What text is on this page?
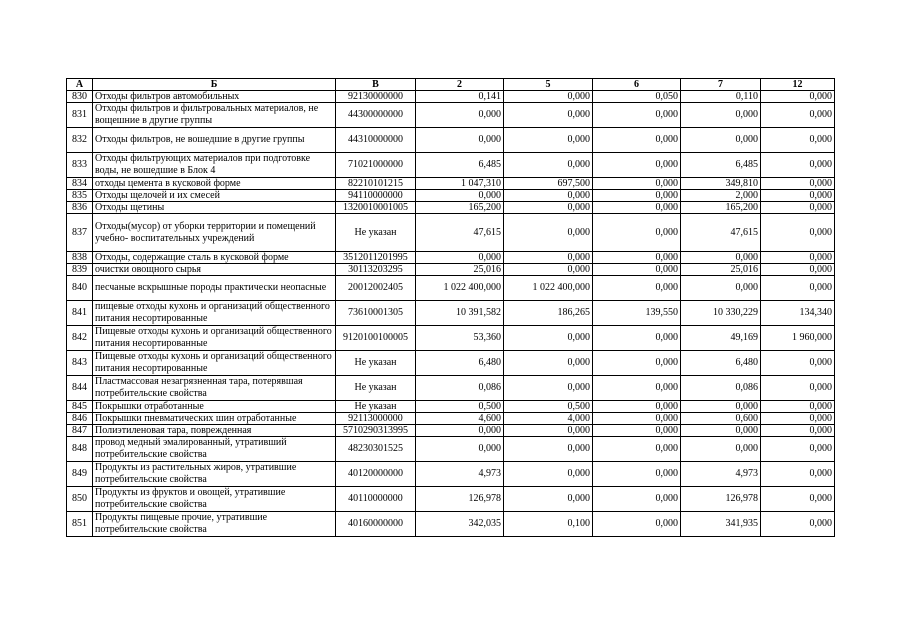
А	Б	В	2	5	6	7	12
830	Отходы фильтров автомобильных	92130000000	0,141	0,000	0,050	0,110	0,000
831	Отходы фильтров и фильтровальных материалов, не вощешние в другие группы	44300000000	0,000	0,000	0,000	0,000	0,000
832	Отходы фильтров, не вошедшие в другие группы	44310000000	0,000	0,000	0,000	0,000	0,000
833	Отходы фильтрующих материалов при подготовке воды, не вошедшие в Блок 4	71021000000	6,485	0,000	0,000	6,485	0,000
834	отходы цемента в кусковой форме	82210101215	1 047,310	697,500	0,000	349,810	0,000
835	Отходы щелочей и их смесей	94110000000	0,000	0,000	0,000	2,000	0,000
836	Отходы щетины	1320010001005	165,200	0,000	0,000	165,200	0,000
837	Отходы(мусор) от уборки территории и помещений учебно- воспитательных учреждений	Не указан	47,615	0,000	0,000	47,615	0,000
838	Отходы, содержащие сталь в кусковой форме	3512011201995	0,000	0,000	0,000	0,000	0,000
839	очистки овощного сырья	30113203295	25,016	0,000	0,000	25,016	0,000
840	песчаные вскрышные породы практически неопасные	20012002405	1 022 400,000	1 022 400,000	0,000	0,000	0,000
841	пищевые отходы кухонь и организаций общественного питания несортированные	73610001305	10 391,582	186,265	139,550	10 330,229	134,340
842	Пищевые отходы кухонь и организаций общественного питания несортированные	9120100100005	53,360	0,000	0,000	49,169	1 960,000
843	Пищевые отходы кухонь и организаций общественного питания несортированные	Не указан	6,480	0,000	0,000	6,480	0,000
844	Пластмассовая незагрязненная тара, потерявшая потребительские свойства	Не указан	0,086	0,000	0,000	0,086	0,000
845	Покрышки отработанные	Не указан	0,500	0,500	0,000	0,000	0,000
846	Покрышки пневматических шин отработанные	92113000000	4,600	4,000	0,000	0,600	0,000
847	Полиэтиленовая тара, поврежденная	5710290313995	0,000	0,000	0,000	0,000	0,000
848	провод медный эмалированный, утративший потребительские свойства	48230301525	0,000	0,000	0,000	0,000	0,000
849	Продукты из растительных жиров, утратившие потребительские свойства	40120000000	4,973	0,000	0,000	4,973	0,000
850	Продукты из фруктов и овощей, утратившие потребительские свойства	40110000000	126,978	0,000	0,000	126,978	0,000
851	Продукты пищевые прочие, утратившие потребительские свойства	40160000000	342,035	0,100	0,000	341,935	0,000
